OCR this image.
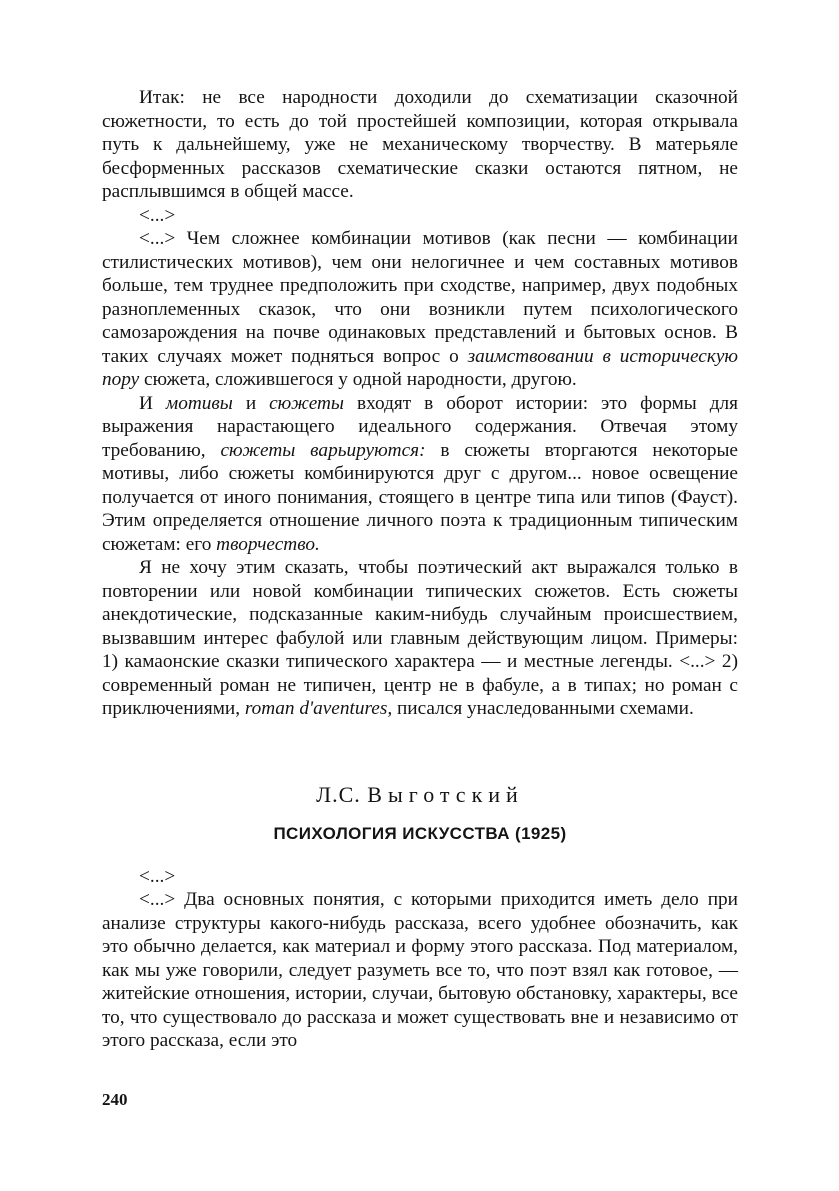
Итак: не все народности доходили до схематизации сказочной сюжетности, то есть до той простейшей композиции, которая открывала путь к дальнейшему, уже не механическому творчеству. В матерьяле бесформенных рассказов схематические сказки остаются пятном, не расплывшимся в общей массе.

<...>

<...> Чем сложнее комбинации мотивов (как песни — комбинации стилистических мотивов), чем они нелогичнее и чем составных мотивов больше, тем труднее предположить при сходстве, например, двух подобных разноплеменных сказок, что они возникли путем психологического самозарождения на почве одинаковых представлений и бытовых основ. В таких случаях может подняться вопрос о заимствовании в историческую пору сюжета, сложившегося у одной народности, другою.

И мотивы и сюжеты входят в оборот истории: это формы для выражения нарастающего идеального содержания. Отвечая этому требованию, сюжеты варьируются: в сюжеты вторгаются некоторые мотивы, либо сюжеты комбинируются друг с другом... новое освещение получается от иного понимания, стоящего в центре типа или типов (Фауст). Этим определяется отношение личного поэта к традиционным типическим сюжетам: его творчество.

Я не хочу этим сказать, чтобы поэтический акт выражался только в повторении или новой комбинации типических сюжетов. Есть сюжеты анекдотические, подсказанные каким-нибудь случайным происшествием, вызвавшим интерес фабулой или главным действующим лицом. Примеры: 1) камаонские сказки типического характера — и местные легенды. <...> 2) современный роман не типичен, центр не в фабуле, а в типах; но роман с приключениями, roman d'aventures, писался унаследованными схемами.

Л.С. Выготский
ПСИХОЛОГИЯ ИСКУССТВА (1925)

<...>

<...> Два основных понятия, с которыми приходится иметь дело при анализе структуры какого-нибудь рассказа, всего удобнее обозначить, как это обычно делается, как материал и форму этого рассказа. Под материалом, как мы уже говорили, следует разуметь все то, что поэт взял как готовое, — житейские отношения, истории, случаи, бытовую обстановку, характеры, все то, что существовало до рассказа и может существовать вне и независимо от этого рассказа, если это

240
